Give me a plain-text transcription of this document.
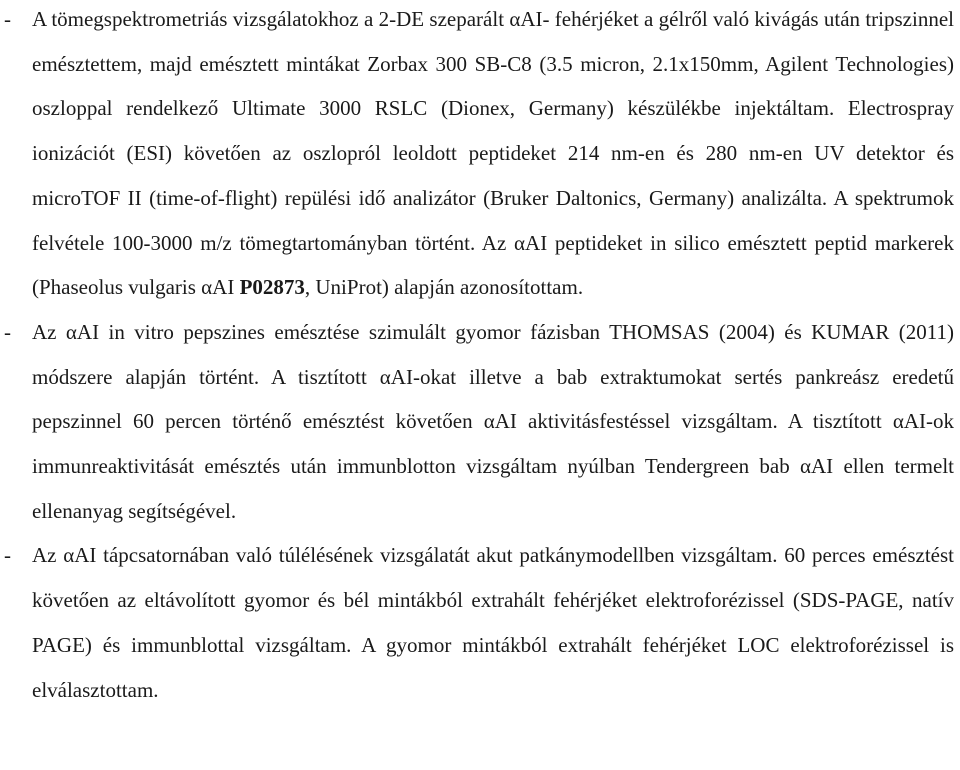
- A tömegspektrometriás vizsgálatokhoz a 2-DE szeparált αAI- fehérjéket a gélről való kivágás után tripszinnel emésztettem, majd emésztett mintákat Zorbax 300 SB-C8 (3.5 micron, 2.1x150mm, Agilent Technologies) oszloppal rendelkező Ultimate 3000 RSLC (Dionex, Germany) készülékbe injektáltam. Electrospray ionizációt (ESI) követően az oszlopról leoldott peptideket 214 nm-en és 280 nm-en UV detektor és microTOF II (time-of-flight) repülési idő analizátor (Bruker Daltonics, Germany) analizálta. A spektrumok felvétele 100-3000 m/z tömegtartományban történt. Az αAI peptideket in silico emésztett peptid markerek (Phaseolus vulgaris αAI P02873, UniProt) alapján azonosítottam.

- Az αAI in vitro pepszines emésztése szimulált gyomor fázisban THOMSAS (2004) és KUMAR (2011) módszere alapján történt. A tisztított αAI-okat illetve a bab extraktumokat sertés pankreász eredetű pepszinnel 60 percen történő emésztést követően αAI aktivitásfestéssel vizsgáltam. A tisztított αAI-ok immunreaktivitását emésztés után immunblotton vizsgáltam nyúlban Tendergreen bab αAI ellen termelt ellenanyag segítségével.

- Az αAI tápcsatornában való túlélésének vizsgálatát akut patkánymodellben vizsgáltam. 60 perces emésztést követően az eltávolított gyomor és bél mintákból extrahált fehérjéket elektroforézissel (SDS-PAGE, natív PAGE) és immunblottal vizsgáltam. A gyomor mintákból extrahált fehérjéket LOC elektroforézissel is elválasztottam.
